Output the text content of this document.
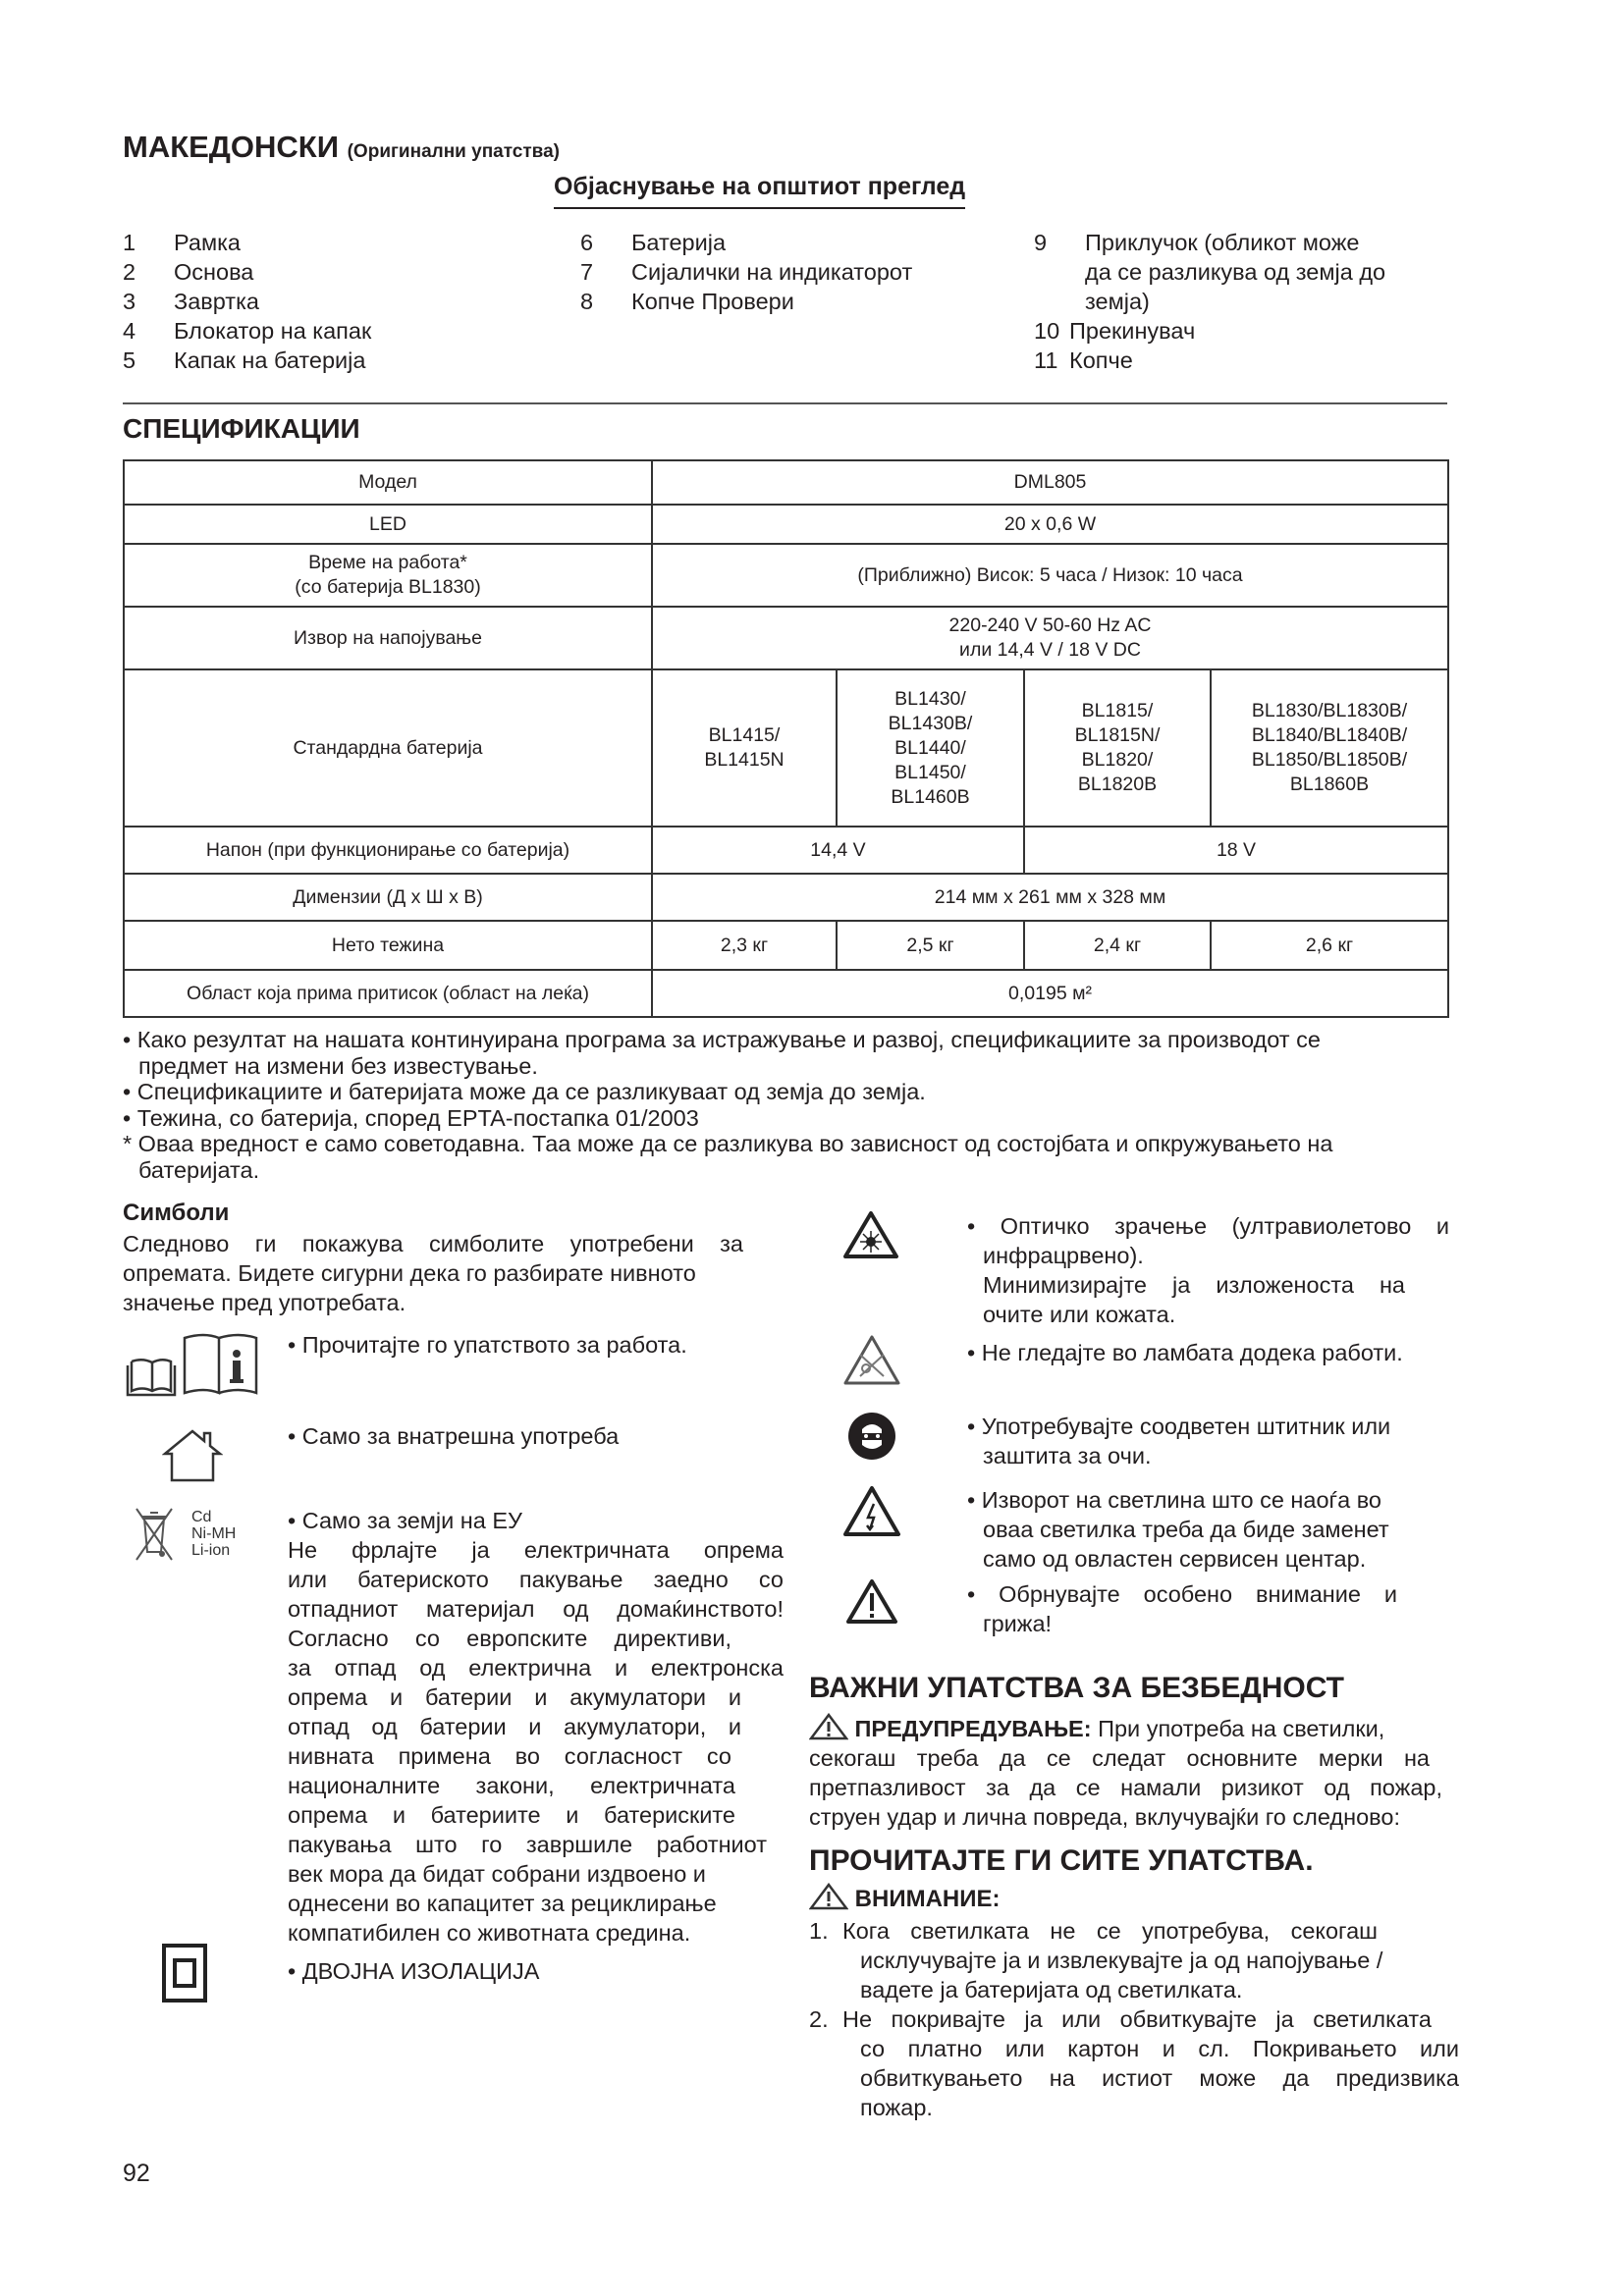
МАКЕДОНСКИ (Оригинални упатства)
Објаснување на општиот преглед
1	Рамка
2	Основа
3	Завртка
4	Блокатор на капак
5	Капак на батерија
6	Батерија
7	Сијалички на индикаторот
8	Копче Провери
9	Приклучок (обликот може
да се разликува од земја до
земја)
10 Прекинувач
11 Копче
СПЕЦИФИКАЦИИ
Модел	DML805			
LED	20 x 0,6 W			

Време на работа*
(со батерија BL1830)	(Приближно) Висок: 5 часа / Низок: 10 часа			
Извор на напојување	220-240 V 50-60 Hz AC
или 14,4 V / 18 V DC			

Стандардна батерија	BL1415/
BL1415N	BL1430/
BL1430B/
BL1440/
BL1450/
BL1460B	BL1815/
BL1815N/
BL1820/
BL1820B	BL1830/BL1830B/
BL1840/BL1840B/
BL1850/BL1850B/
BL1860B

Напон (при функционирање со батерија)	14,4 V		18 V	
Димензии (Д x Ш x В)	214 мм x 261 мм x 328 мм			
Нето тежина	2,3 кг	2,5 кг	2,4 кг	2,6 кг
Област која прима притисок (област на леќа)	0,0195 м²			
• Како резултат на нашата континуирана програма за истражување и развој, спецификациите за производот се
предмет на измени без известување.
• Спецификациите и батеријата може да се разликуваат од земја до земја.
• Тежина, со батерија, според EPTA-постапка 01/2003
* Оваа вредност е само советодавна. Таа може да се разликува во зависност од состојбата и опкружувањето на
батеријата.
Симболи
Следново ги покажува симболите употребени за
опремата. Бидете сигурни дека го разбирате нивното
значење пред употребата.
• Прочитајте го упатството за работа.
• Само за внатрешна употреба
Cd
Ni-MH
Li-ion
• Само за земји на ЕУ
Не фрлајте ја електричната опрема
или батериското пакување заедно со
отпадниот материјал од домаќинството!
Согласно со европските директиви,
за отпад од електрична и електронска
опрема и батерии и акумулатори и
отпад од батерии и акумулатори, и
нивната примена во согласност со
националните закони, електричната
опрема и батериите и батериските
пакувања што го завршиле работниот
век мора да бидат собрани издвоено и
однесени во капацитет за рециклирање
компатибилен со животната средина.
• ДВОЈНА ИЗОЛАЦИЈА
• Оптичко зрачење (ултравиолетово и
инфрацрвено).
Минимизирајте ја изложеноста на
очите или кожата.
• Не гледајте во ламбата додека работи.
• Употребувајте соодветен штитник или
заштита за очи.
• Изворот на светлина што се наоѓа во
оваа светилка треба да биде заменет
само од овластен сервисен центар.
• Обрнувајте особено внимание и
грижа!
ВАЖНИ УПАТСТВА ЗА БЕЗБЕДНОСТ
ПРЕДУПРЕДУВАЊЕ: При употреба на светилки,
секогаш треба да се следат основните мерки на
претпазливост за да се намали ризикот од пожар,
струен удар и лична повреда, вклучувајќи го следново:
ПРОЧИТАЈТЕ ГИ СИТЕ УПАТСТВА.
ВНИМАНИЕ:
1. Кога светилката не се употребува, секогаш
исклучувајте ја и извлекувајте ја од напојување /
вадете ја батеријата од светилката.
2. Не покривајте ја или обвиткувајте ја светилката
со платно или картон и сл. Покривањето или
обвиткувањето на истиот може да предизвика
пожар.
92
